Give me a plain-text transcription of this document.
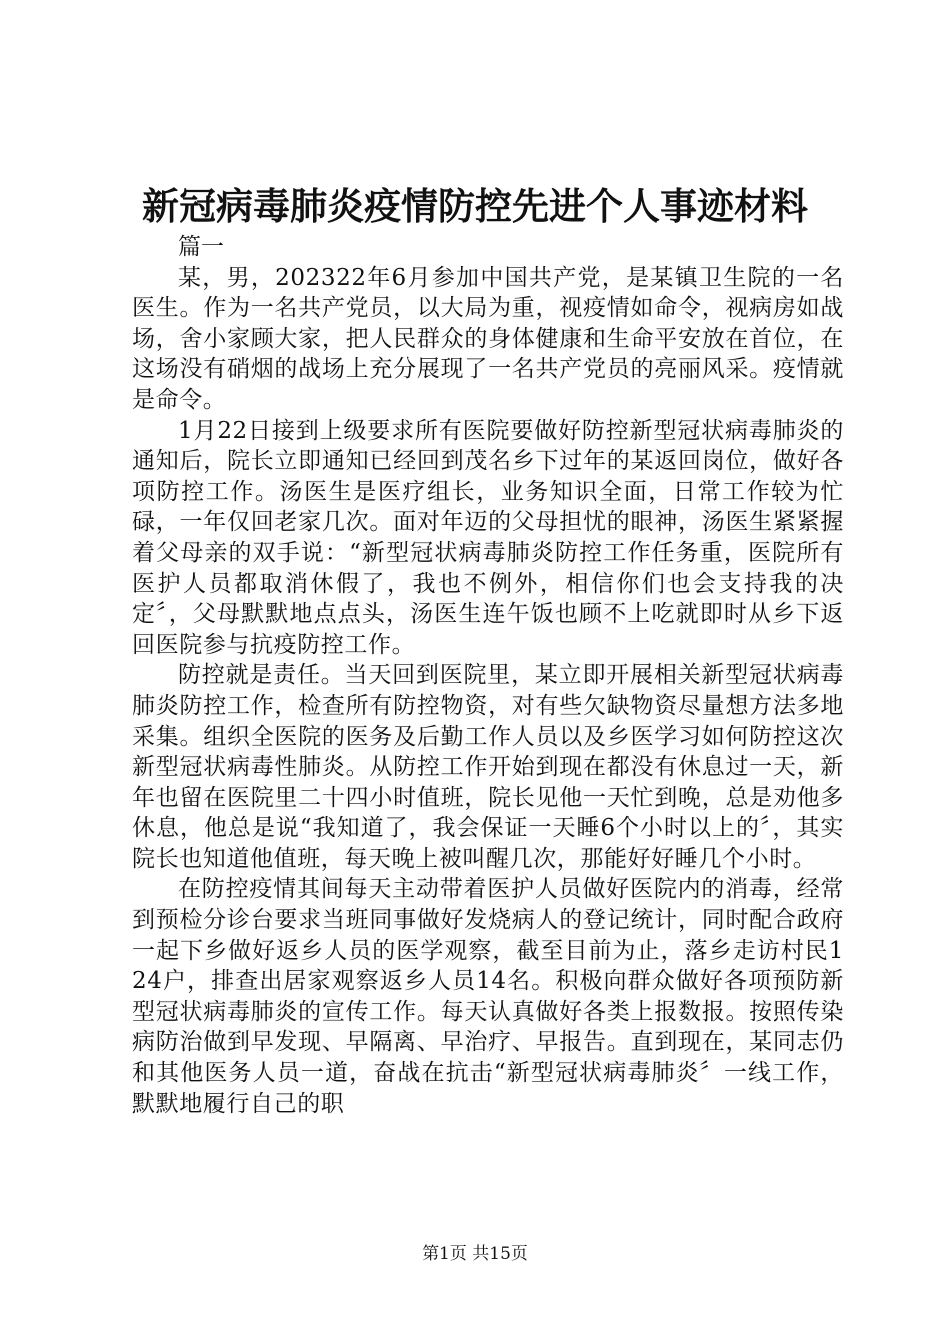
新冠病毒肺炎疫情防控先进个人事迹材料

篇一

某，男，202322年6月参加中国共产党，是某镇卫生院的一名医生。作为一名共产党员，以大局为重，视疫情如命令，视病房如战场，舍小家顾大家，把人民群众的身体健康和生命平安放在首位，在这场没有硝烟的战场上充分展现了一名共产党员的亮丽风采。疫情就是命令。

1月22日接到上级要求所有医院要做好防控新型冠状病毒肺炎的通知后，院长立即通知已经回到茂名乡下过年的某返回岗位，做好各项防控工作。汤医生是医疗组长，业务知识全面，日常工作较为忙碌，一年仅回老家几次。面对年迈的父母担忧的眼神，汤医生紧紧握着父母亲的双手说：“新型冠状病毒肺炎防控工作任务重，医院所有医护人员都取消休假了，我也不例外，相信你们也会支持我的决定〞，父母默默地点点头，汤医生连午饭也顾不上吃就即时从乡下返回医院参与抗疫防控工作。

防控就是责任。当天回到医院里，某立即开展相关新型冠状病毒肺炎防控工作，检查所有防控物资，对有些欠缺物资尽量想方法多地采集。组织全医院的医务及后勤工作人员以及乡医学习如何防控这次新型冠状病毒性肺炎。从防控工作开始到现在都没有休息过一天，新年也留在医院里二十四小时值班，院长见他一天忙到晚，总是劝他多休息，他总是说“我知道了，我会保证一天睡6个小时以上的〞，其实院长也知道他值班，每天晚上被叫醒几次，那能好好睡几个小时。

在防控疫情其间每天主动带着医护人员做好医院内的消毒，经常到预检分诊台要求当班同事做好发烧病人的登记统计，同时配合政府一起下乡做好返乡人员的医学观察，截至目前为止，落乡走访村民124户，排查出居家观察返乡人员14名。积极向群众做好各项预防新型冠状病毒肺炎的宣传工作。每天认真做好各类上报数报。按照传染病防治做到早发现、早隔离、早治疗、早报告。直到现在，某同志仍和其他医务人员一道，奋战在抗击“新型冠状病毒肺炎〞一线工作，默默地履行自己的职

第1页 共15页
